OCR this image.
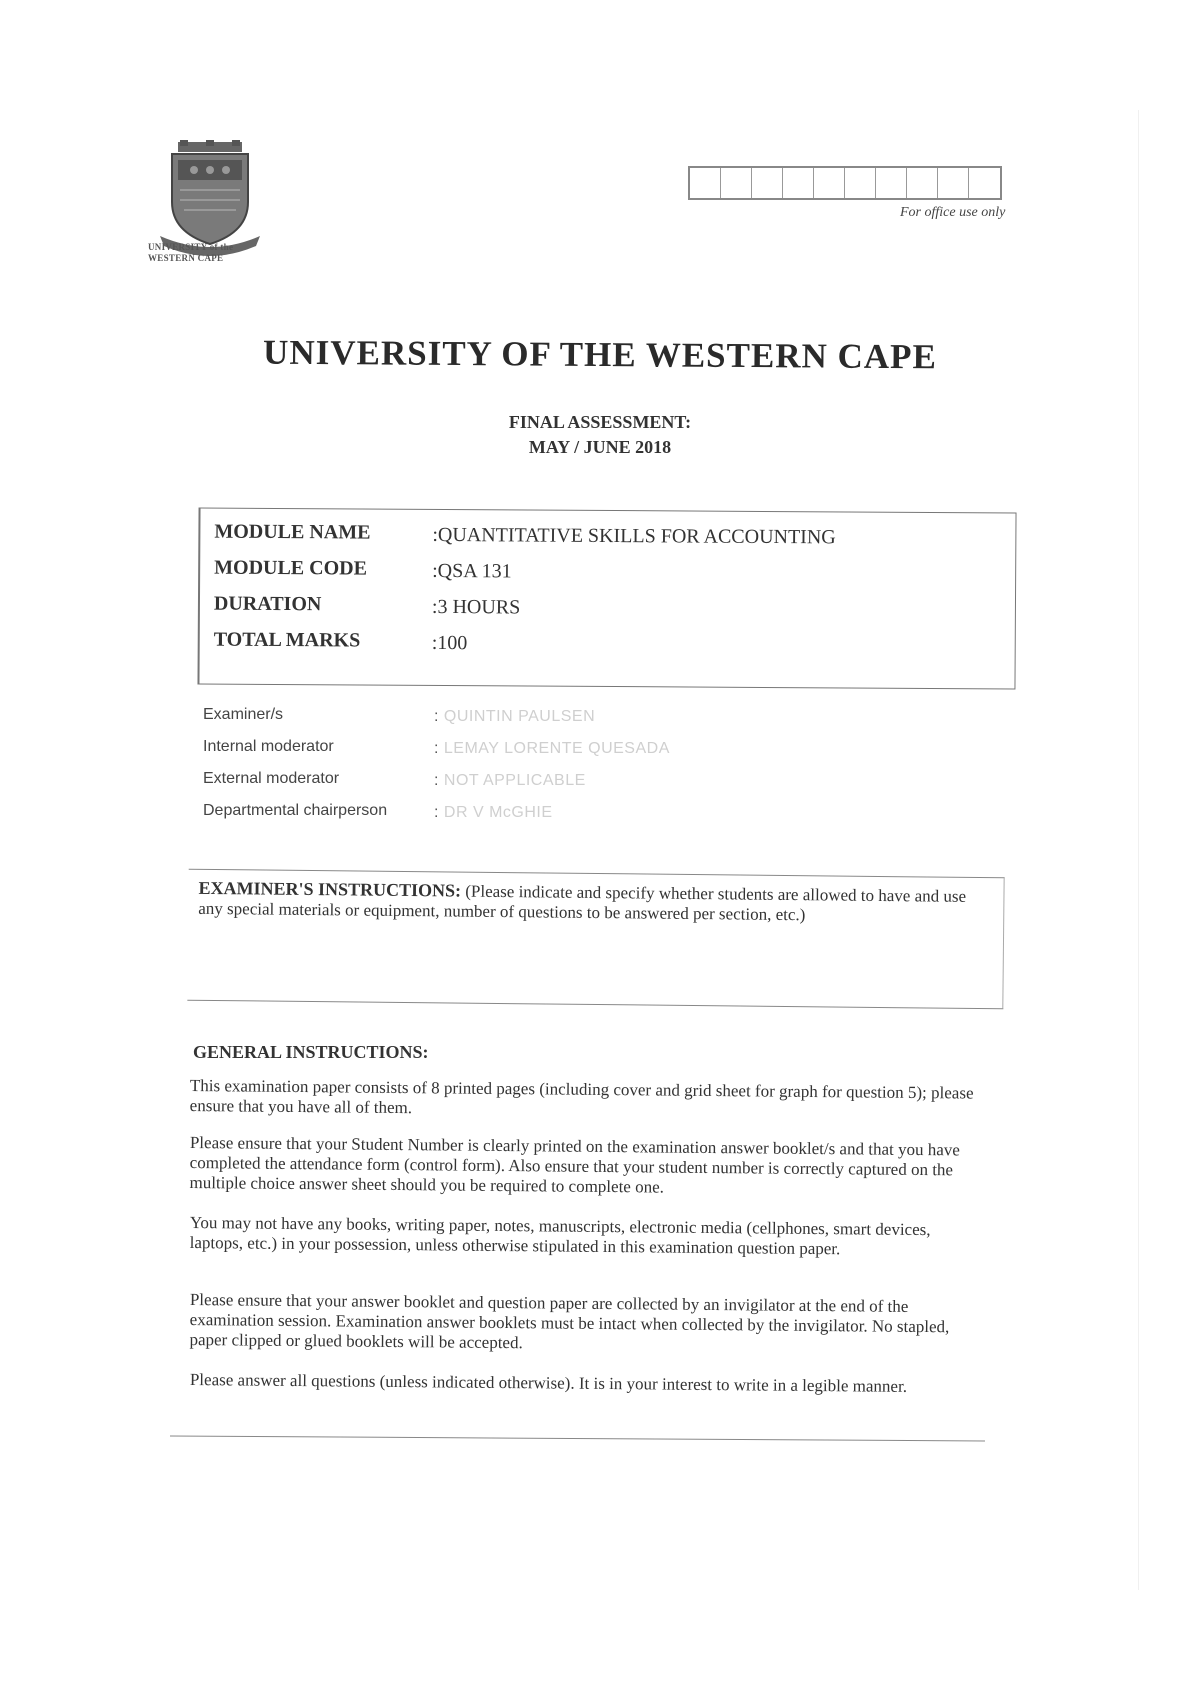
UNIVERSITY of the
WESTERN CAPE
For office use only
UNIVERSITY OF THE WESTERN CAPE
FINAL ASSESSMENT:
MAY / JUNE 2018
MODULE NAME	:QUANTITATIVE SKILLS FOR ACCOUNTING
MODULE CODE	:QSA 131
DURATION	:3 HOURS
TOTAL MARKS	:100
Examiner/s	: QUINTIN PAULSEN
Internal moderator	: LEMAY LORENTE QUESADA
External moderator	: NOT APPLICABLE
Departmental chairperson	: DR V McGHIE
EXAMINER'S INSTRUCTIONS: (Please indicate and specify whether students are allowed to have and use any special materials or equipment, number of questions to be answered per section, etc.)
GENERAL INSTRUCTIONS:
This examination paper consists of 8 printed pages (including cover and grid sheet for graph for question 5); please ensure that you have all of them.
Please ensure that your Student Number is clearly printed on the examination answer booklet/s and that you have completed the attendance form (control form). Also ensure that your student number is correctly captured on the multiple choice answer sheet should you be required to complete one.
You may not have any books, writing paper, notes, manuscripts, electronic media (cellphones, smart devices, laptops, etc.) in your possession, unless otherwise stipulated in this examination question paper.
Please ensure that your answer booklet and question paper are collected by an invigilator at the end of the examination session. Examination answer booklets must be intact when collected by the invigilator. No stapled, paper clipped or glued booklets will be accepted.
Please answer all questions (unless indicated otherwise). It is in your interest to write in a legible manner.
